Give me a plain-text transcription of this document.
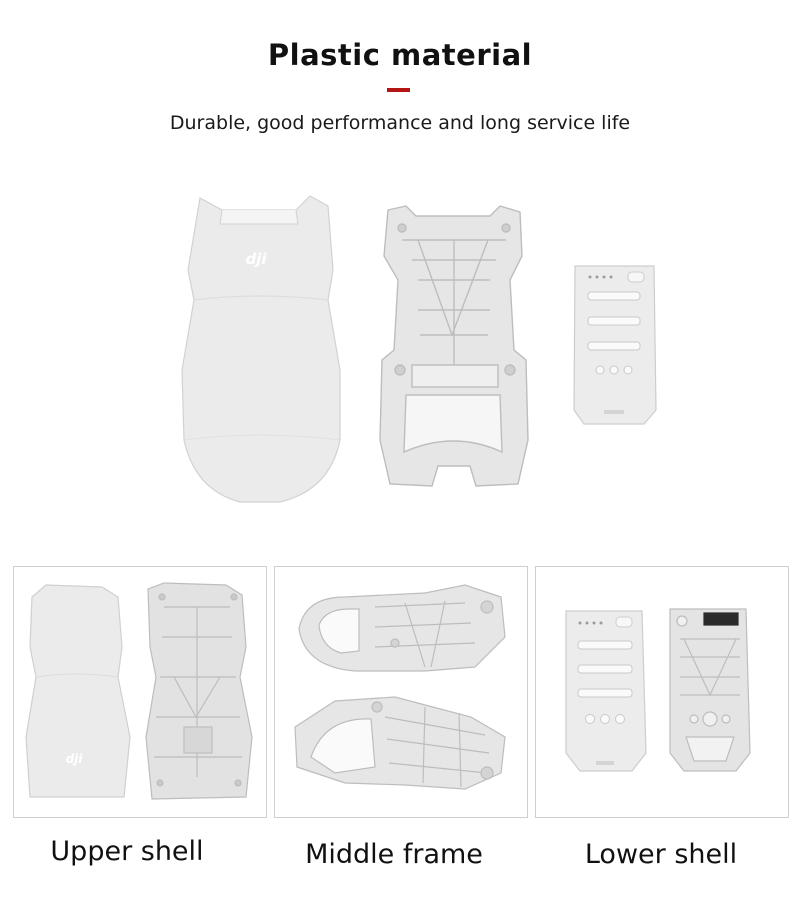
Plastic material
Durable, good performance and long service life
dji
dji
Upper shell	Middle frame	Lower shell
